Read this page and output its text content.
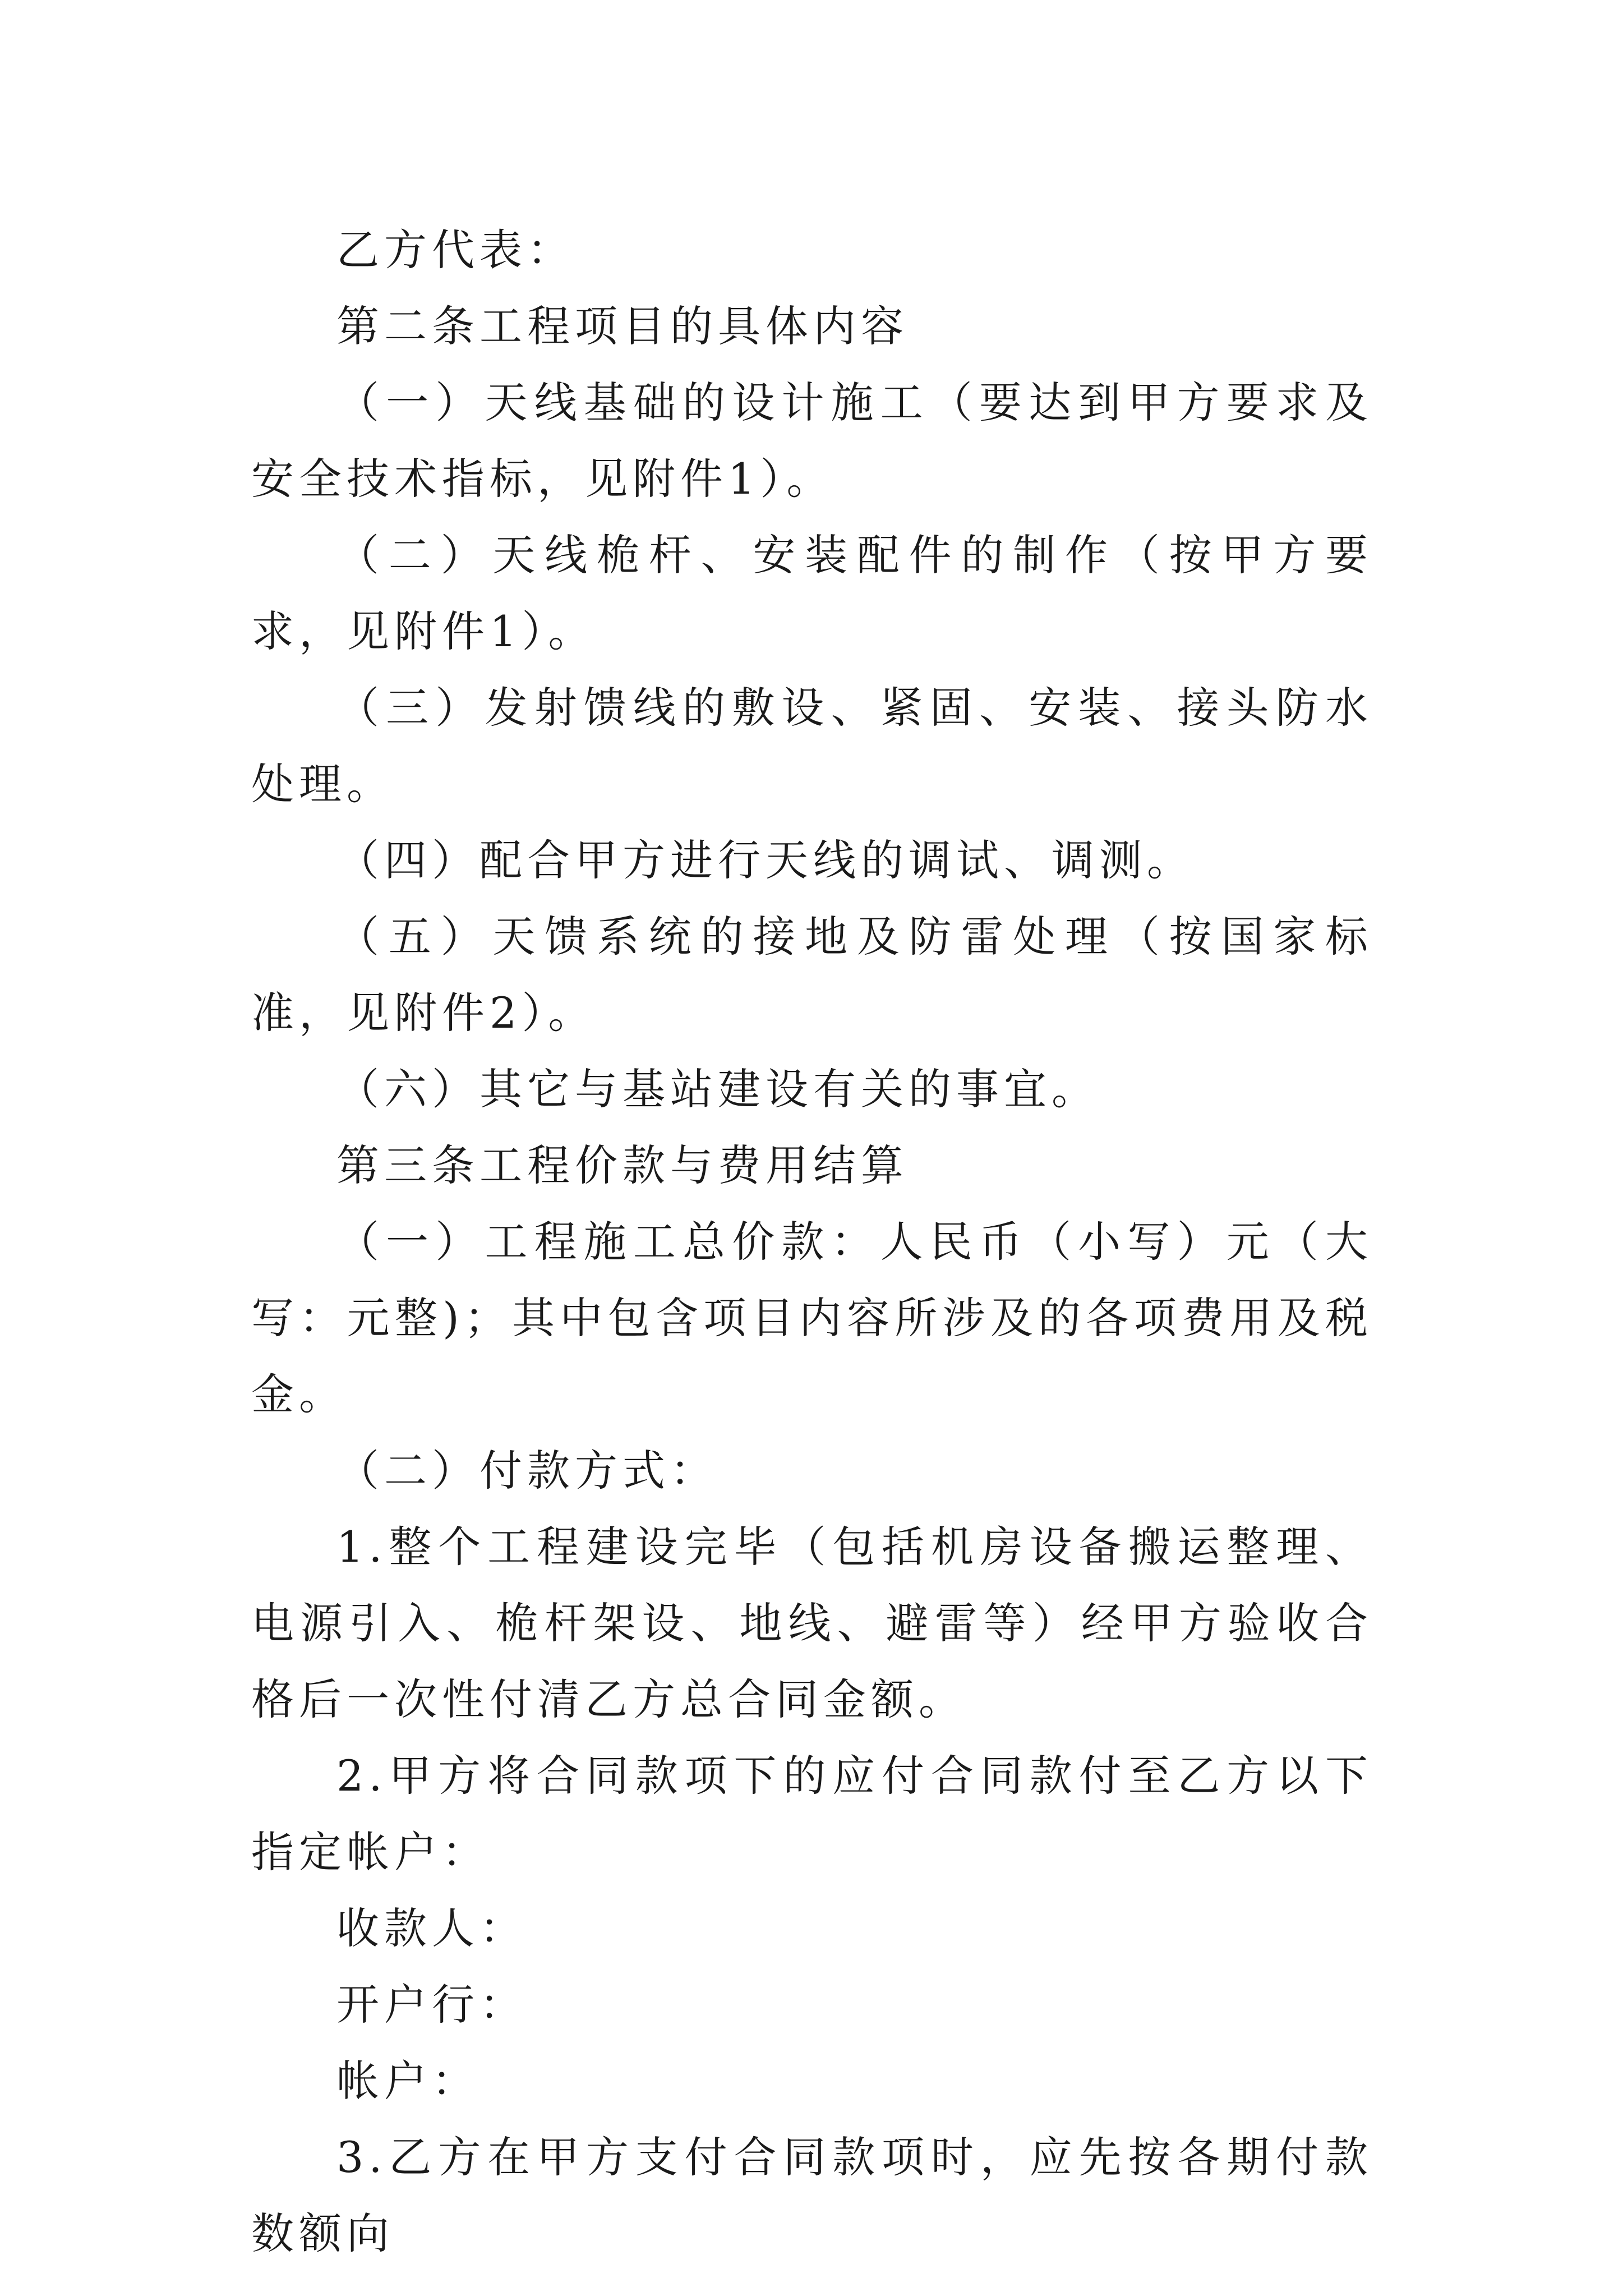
乙方代表：

第二条工程项目的具体内容

（一）天线基础的设计施工（要达到甲方要求及安全技术指标，见附件1）。

（二）天线桅杆、安装配件的制作（按甲方要求，见附件1）。

（三）发射馈线的敷设、紧固、安装、接头防水处理。

（四）配合甲方进行天线的调试、调测。

（五）天馈系统的接地及防雷处理（按国家标准，见附件2）。

（六）其它与基站建设有关的事宜。

第三条工程价款与费用结算

（一）工程施工总价款：人民币（小写）元（大写：元整)；其中包含项目内容所涉及的各项费用及税金。

（二）付款方式：

1.整个工程建设完毕（包括机房设备搬运整理、电源引入、桅杆架设、地线、避雷等）经甲方验收合格后一次性付清乙方总合同金额。

2.甲方将合同款项下的应付合同款付至乙方以下指定帐户：

收款人：

开户行：

帐户：

3.乙方在甲方支付合同款项时，应先按各期付款数额向
